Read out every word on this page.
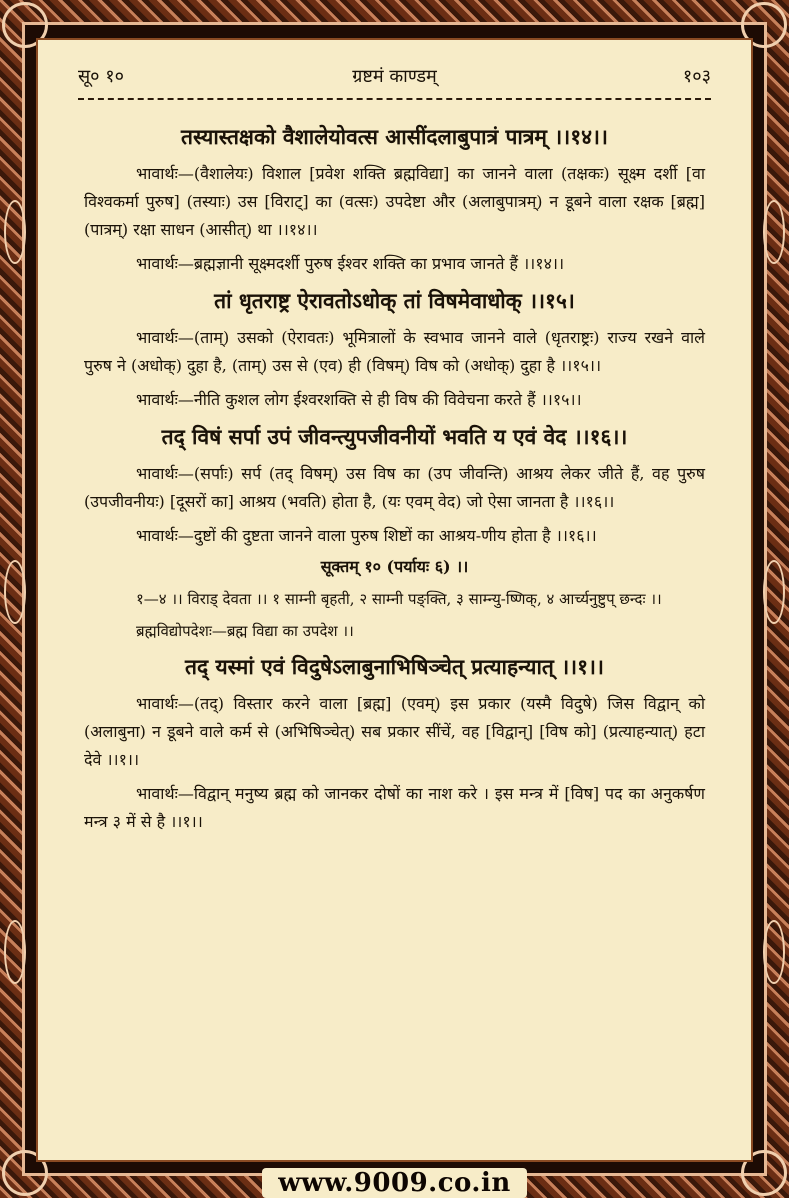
सू० १०	ग्रष्टमं काण्डम्	१०३
तस्यास्तक्षको वैशालेयोवत्स आसींदलाबुपात्रं पात्रम् ।।१४।।
भावार्थः—(वैशालेयः) विशाल [प्रवेश शक्ति ब्रह्मविद्या] का जानने वाला (तक्षकः) सूक्ष्म दर्शी [वा विश्वकर्मा पुरुष] (तस्याः) उस [विराट्] का (वत्सः) उपदेष्टा और (अलाबुपात्रम्) न डूबने वाला रक्षक [ब्रह्म] (पात्रम्) रक्षा साधन (आसीत्) था ।।१४।।
भावार्थः—ब्रह्मज्ञानी सूक्ष्मदर्शी पुरुष ईश्वर शक्ति का प्रभाव जानते हैं ।।१४।।
तां धृतराष्ट्र ऐरावतोऽधोक् तां विषमेवाधोक् ।।१५।
भावार्थः—(ताम्) उसको (ऐरावतः) भूमित्रालों के स्वभाव जानने वाले (धृतराष्ट्रः) राज्य रखने वाले पुरुष ने (अधोक्) दुहा है, (ताम्) उस से (एव) ही (विषम्) विष को (अधोक्) दुहा है ।।१५।।
भावार्थः—नीति कुशल लोग ईश्वरशक्ति से ही विष की विवेचना करते हैं ।।१५।।
तद् विषं सर्पा उपं जीवन्त्युपजीवनीयों भवति य एवं वेद ।।१६।।
भावार्थः—(सर्पाः) सर्प (तद् विषम्) उस विष का (उप जीवन्ति) आश्रय लेकर जीते हैं, वह पुरुष (उपजीवनीयः) [दूसरों का] आश्रय (भवति) होता है, (यः एवम् वेद) जो ऐसा जानता है ।।१६।।
भावार्थः—दुष्टों की दुष्टता जानने वाला पुरुष शिष्टों का आश्रय-णीय होता है ।।१६।।
सूक्तम् १० (पर्यायः ६) ।।
१—४ ।। विराड् देवता ।। १ साम्नी बृहती, २ साम्नी पङ्क्ति, ३ साम्न्यु-ष्णिक्, ४ आर्च्यनुष्टुप् छन्दः ।।
ब्रह्मविद्योपदेशः—ब्रह्म विद्या का उपदेश ।।
तद् यस्मां एवं विदुषेऽलाबुनाभिषिञ्चेत् प्रत्याहन्यात् ।।१।।
भावार्थः—(तद्) विस्तार करने वाला [ब्रह्म] (एवम्) इस प्रकार (यस्मै विदुषे) जिस विद्वान् को (अलाबुना) न डूबने वाले कर्म से (अभिषिञ्चेत्) सब प्रकार सींचें, वह [विद्वान्] [विष को] (प्रत्याहन्यात्) हटा देवे ।।१।।
भावार्थः—विद्वान् मनुष्य ब्रह्म को जानकर दोषों का नाश करे । इस मन्त्र में [विष] पद का अनुकर्षण मन्त्र ३ में से है ।।१।।
www.9009.co.in
